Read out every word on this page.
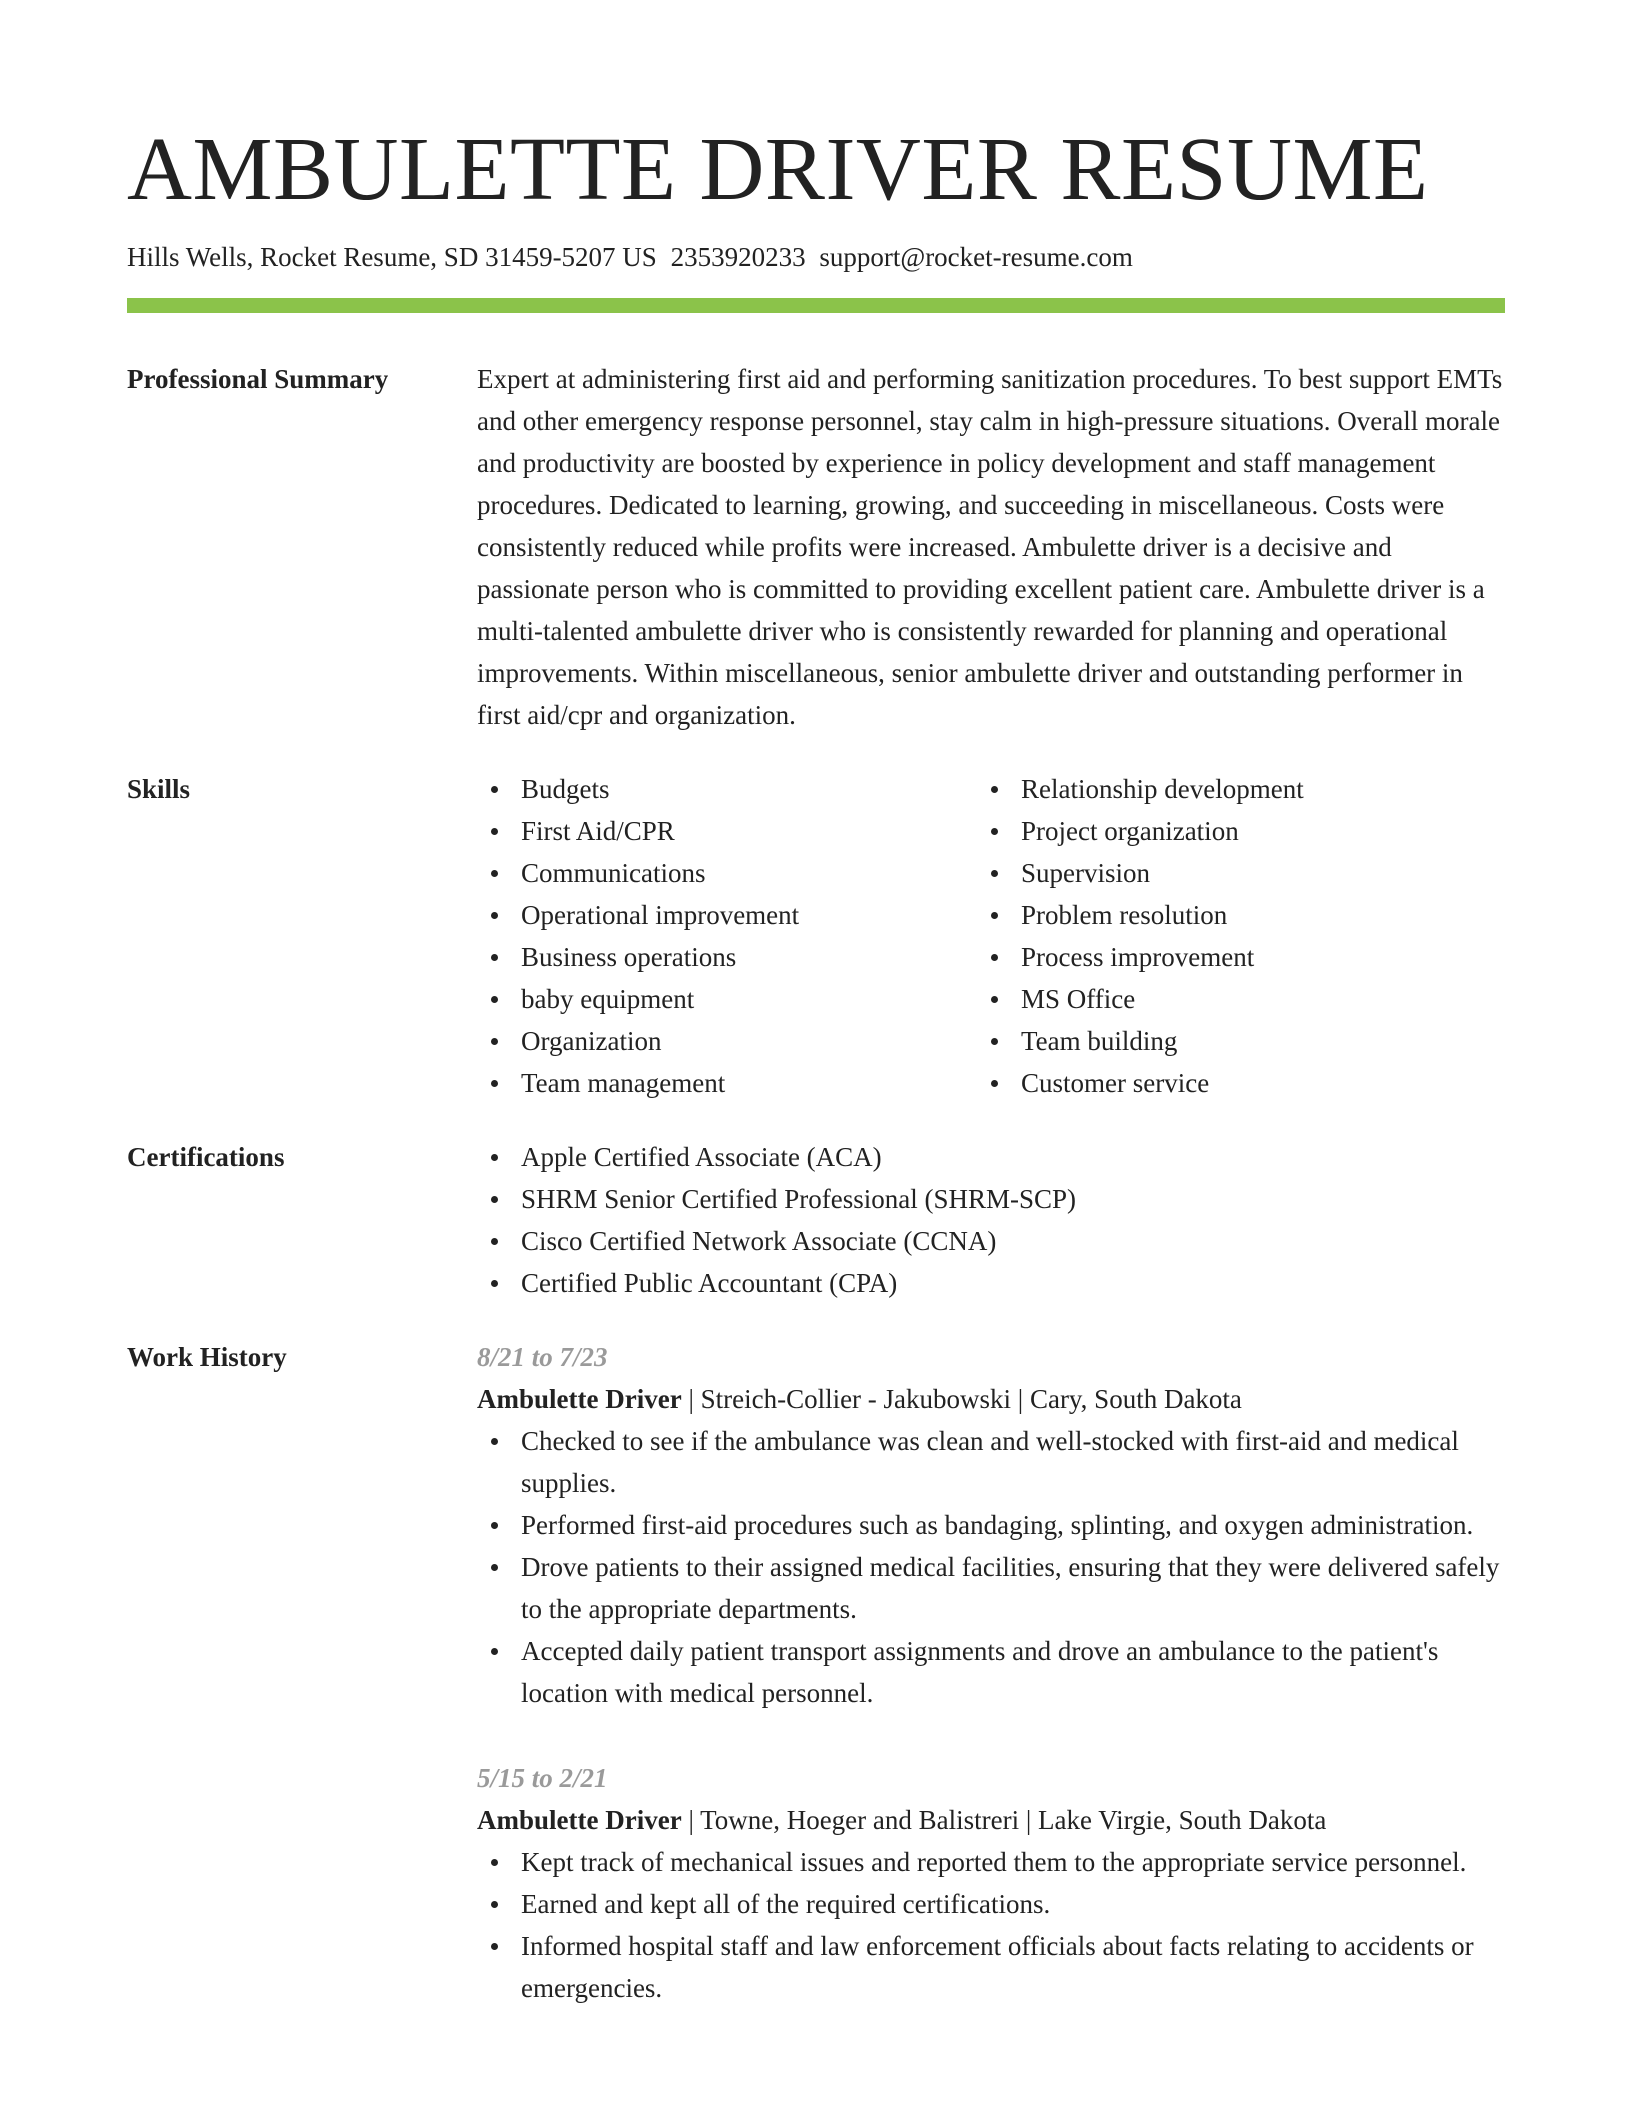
AMBULETTE DRIVER RESUME
Hills Wells, Rocket Resume, SD 31459-5207 US 2353920233 support@rocket-resume.com
Professional Summary	Expert at administering first aid and performing sanitization procedures. To best support EMTs and other emergency response personnel, stay calm in high-pressure situations. Overall morale and productivity are boosted by experience in policy development and staff management procedures. Dedicated to learning, growing, and succeeding in miscellaneous. Costs were consistently reduced while profits were increased. Ambulette driver is a decisive and passionate person who is committed to providing excellent patient care. Ambulette driver is a multi-talented ambulette driver who is consistently rewarded for planning and operational improvements. Within miscellaneous, senior ambulette driver and outstanding performer in first aid/cpr and organization.
Skills	Budgets
First Aid/CPR
Communications
Operational improvement
Business operations
baby equipment
Organization
Team management
Relationship development
Project organization
Supervision
Problem resolution
Process improvement
MS Office
Team building
Customer service
Certifications	Apple Certified Associate (ACA)
SHRM Senior Certified Professional (SHRM-SCP)
Cisco Certified Network Associate (CCNA)
Certified Public Accountant (CPA)
Work History	8/21 to 7/23
Ambulette Driver | Streich-Collier - Jakubowski | Cary, South Dakota
Checked to see if the ambulance was clean and well-stocked with first-aid and medical supplies.
Performed first-aid procedures such as bandaging, splinting, and oxygen administration.
Drove patients to their assigned medical facilities, ensuring that they were delivered safely to the appropriate departments.
Accepted daily patient transport assignments and drove an ambulance to the patient's location with medical personnel.
5/15 to 2/21
Ambulette Driver | Towne, Hoeger and Balistreri | Lake Virgie, South Dakota
Kept track of mechanical issues and reported them to the appropriate service personnel.
Earned and kept all of the required certifications.
Informed hospital staff and law enforcement officials about facts relating to accidents or emergencies.
